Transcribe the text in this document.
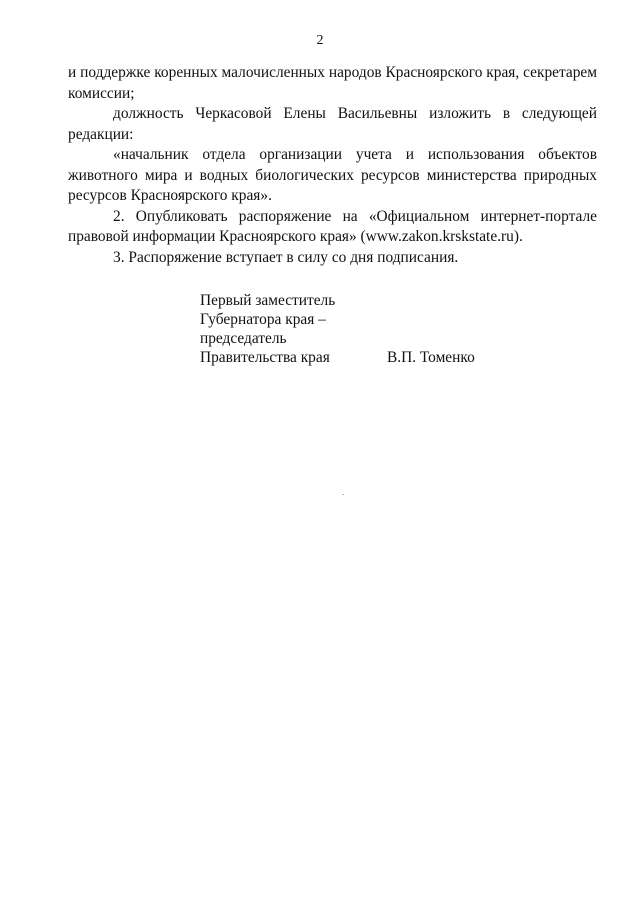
2

и поддержке коренных малочисленных народов Красноярского края, секретарем комиссии;

должность Черкасовой Елены Васильевны изложить в следующей редакции:

«начальник отдела организации учета и использования объектов животного мира и водных биологических ресурсов министерства природных ресурсов Красноярского края».

2. Опубликовать распоряжение на «Официальном интернет-портале правовой информации Красноярского края» (www.zakon.krskstate.ru).

3. Распоряжение вступает в силу со дня подписания.

Первый заместитель
Губернатора края –
председатель
Правительства края	В.П. Томенко
